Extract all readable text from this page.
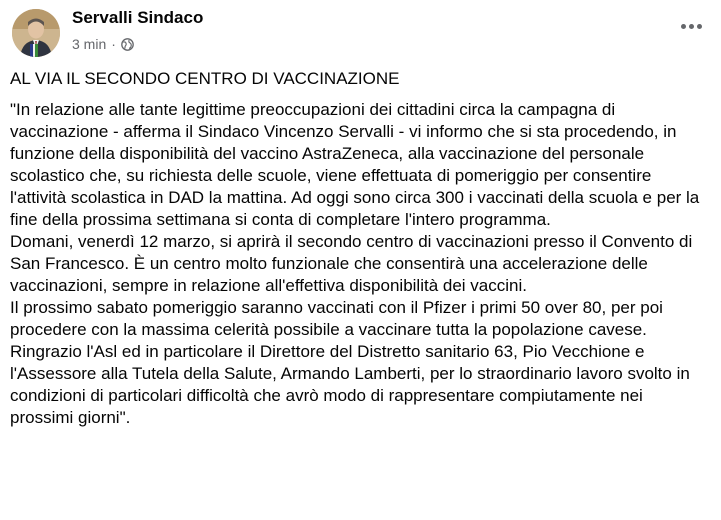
Servalli Sindaco
3 min ·

AL VIA IL SECONDO CENTRO DI VACCINAZIONE

"In relazione alle tante legittime preoccupazioni dei cittadini circa la campagna di vaccinazione - afferma il Sindaco Vincenzo Servalli - vi informo che si sta procedendo, in funzione della disponibilità del vaccino AstraZeneca, alla vaccinazione del personale scolastico che, su richiesta delle scuole, viene effettuata di pomeriggio per consentire l'attività scolastica in DAD la mattina. Ad oggi sono circa 300 i vaccinati della scuola e per la fine della prossima settimana si conta di completare l'intero programma.

Domani, venerdì 12 marzo, si aprirà il secondo centro di vaccinazioni presso il Convento di San Francesco. È un centro molto funzionale che consentirà una accelerazione delle vaccinazioni, sempre in relazione all'effettiva disponibilità dei vaccini.

Il prossimo sabato pomeriggio saranno vaccinati con il Pfizer i primi 50 over 80, per poi procedere con la massima celerità possibile a vaccinare tutta la popolazione cavese. Ringrazio l'Asl ed in particolare il Direttore del Distretto sanitario 63, Pio Vecchione e l'Assessore alla Tutela della Salute, Armando Lamberti, per lo straordinario lavoro svolto in condizioni di particolari difficoltà che avrò modo di rappresentare compiutamente nei prossimi giorni".
